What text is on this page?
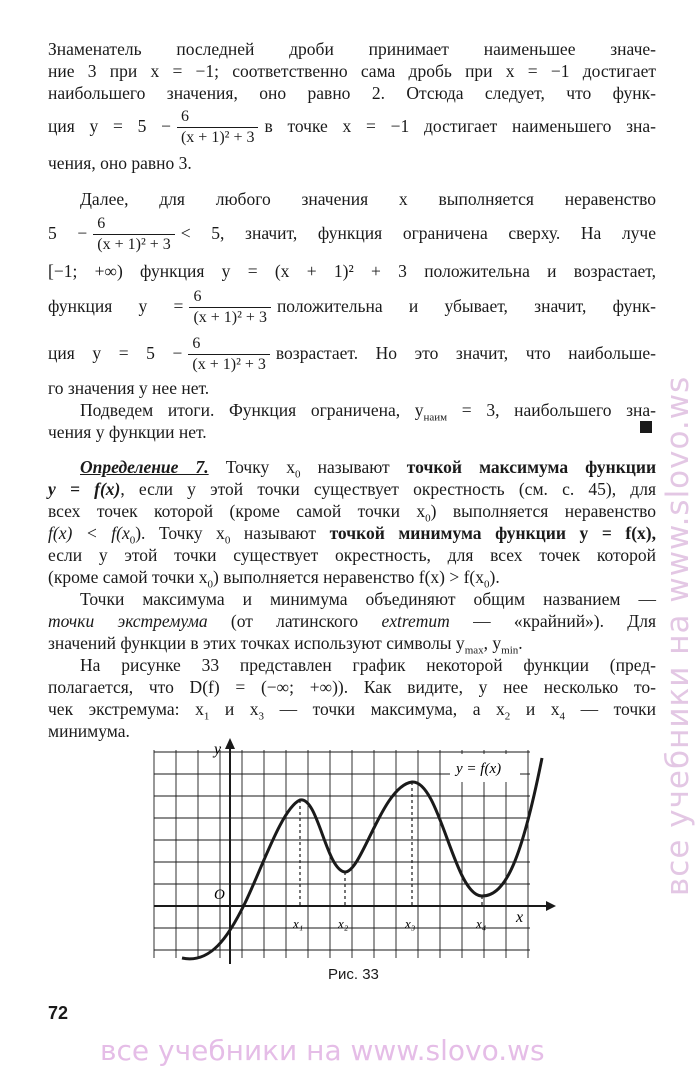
Знаменатель последней дроби принимает наименьшее значе-
ние 3 при x = −1; соответственно сама дробь при x = −1 достигает
наибольшего значения, оно равно 2. Отсюда следует, что функ-
ция $y = 5 - \frac{6}{\text{(x + 1)² + 3}}$ в точке x = −1 достигает наименьшего зна-
чения, оно равно 3.
Далее, для любого значения x выполняется неравенство
$5 - \frac{6}{\text{(x + 1)² + 3}} < 5$, значит, функция ограничена сверху. На луче
[−1; +∞) функция y = (x + 1)² + 3 положительна и возрастает,
функция $y = \frac{6}{\text{(x + 1)² + 3}}$ положительна и убывает, значит, функ-
ция $y = 5 - \frac{6}{\text{(x + 1)² + 3}}$ возрастает. Но это значит, что наибольше-
го значения у нее нет.
Подведем итоги. Функция ограничена, $y_{наим} = 3$, наибольшего зна-
чения у функции нет.
Определение 7. Точку $x_0$ называют точкой максимума функции
y = f(x), если у этой точки существует окрестность (см. с. 45), для
всех точек которой (кроме самой точки $x_0$) выполняется неравенство
$f(x) < f(x_0)$. Точку $x_0$ называют точкой минимума функции y = f(x),
если у этой точки существует окрестность, для всех точек которой
(кроме самой точки $x_0$) выполняется неравенство $f(x) > f(x_0)$.
Точки максимума и минимума объединяют общим названием —
точки экстремума (от латинского extremum — «крайний»). Для
значений функции в этих точках используют символы $y_{max}$, $y_{min}$.
На рисунке 33 представлен график некоторой функции (пред-
полагается, что D(f) = (−∞; +∞)). Как видите, у нее несколько то-
чек экстремума: $x_1$ и $x_3$ — точки максимума, а $x_2$ и $x_4$ — точки
минимума.
y
x
O
y = f(x)
x₁	x₂	x₃	x₄
Рис. 33
72
все учебники на www.slovo.ws
все учебники на www.slovo.ws
